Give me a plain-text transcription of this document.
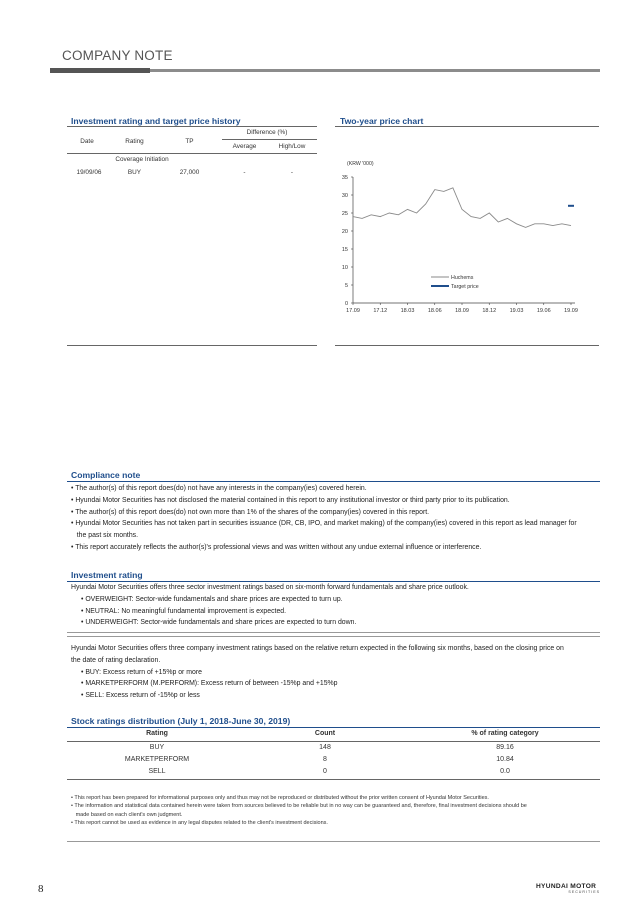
COMPANY NOTE
Investment rating and target price history
Date	Rating	TP
Difference (%)
Average	High/Low
Coverage Initiation
19/09/06	BUY	27,000	-	-
Two-year price chart
(KRW '000)
0
5
10
15
20
25
30
35
17.09 17.12 18.03 18.06 18.09 18.12 19.03 19.06 19.09
Huchems
Target price
Compliance note
• The author(s) of this report does(do) not have any interests in the company(ies) covered herein.
• Hyundai Motor Securities has not disclosed the material contained in this report to any institutional investor or third party prior to its publication.
• The author(s) of this report does(do) not own more than 1% of the shares of the company(ies) covered in this report.
• Hyundai Motor Securities has not taken part in securities issuance (DR, CB, IPO, and market making) of the company(ies) covered in this report as lead manager for
the past six months.
• This report accurately reflects the author(s)'s professional views and was written without any undue external influence or interference.
Investment rating
Hyundai Motor Securities offers three sector investment ratings based on six-month forward fundamentals and share price outlook.
• OVERWEIGHT: Sector-wide fundamentals and share prices are expected to turn up.
• NEUTRAL: No meaningful fundamental improvement is expected.
• UNDERWEIGHT: Sector-wide fundamentals and share prices are expected to turn down.
Hyundai Motor Securities offers three company investment ratings based on the relative return expected in the following six months, based on the closing price on
the date of rating declaration.
• BUY: Excess return of +15%p or more
• MARKETPERFORM (M.PERFORM): Excess return of between -15%p and +15%p
• SELL: Excess return of -15%p or less
Stock ratings distribution (July 1, 2018-June 30, 2019)
Rating	Count	% of rating category
BUY	148	89.16
MARKETPERFORM	8	10.84
SELL	0	0.0
• This report has been prepared for informational purposes only and thus may not be reproduced or distributed without the prior written consent of Hyundai Motor Securities.
• The information and statistical data contained herein were taken from sources believed to be reliable but in no way can be guaranteed and, therefore, final investment decisions should be
made based on each client's own judgment.
• This report cannot be used as evidence in any legal disputes related to the client's investment decisions.
8	HYUNDAI MOTOR
SECURITIES
